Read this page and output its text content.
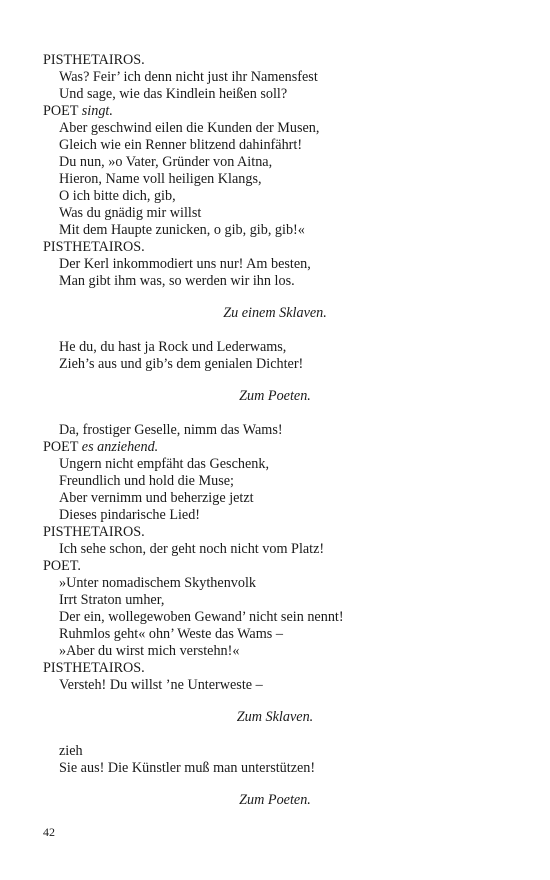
PISTHETAIROS.
Was? Feir’ ich denn nicht just ihr Namensfest
Und sage, wie das Kindlein heißen soll?
POET singt.
Aber geschwind eilen die Kunden der Musen,
Gleich wie ein Renner blitzend dahinfährt!
Du nun, »o Vater, Gründer von Aitna,
Hieron, Name voll heiligen Klangs,
O ich bitte dich, gib,
Was du gnädig mir willst
Mit dem Haupte zunicken, o gib, gib, gib!«
PISTHETAIROS.
Der Kerl inkommodiert uns nur! Am besten,
Man gibt ihm was, so werden wir ihn los.
Zu einem Sklaven.
He du, du hast ja Rock und Lederwams,
Zieh’s aus und gib’s dem genialen Dichter!
Zum Poeten.
Da, frostiger Geselle, nimm das Wams!
POET es anziehend.
Ungern nicht empfäht das Geschenk,
Freundlich und hold die Muse;
Aber vernimm und beherzige jetzt
Dieses pindarische Lied!
PISTHETAIROS.
Ich sehe schon, der geht noch nicht vom Platz!
POET.
»Unter nomadischem Skythenvolk
Irrt Straton umher,
Der ein, wollegewoben Gewand’ nicht sein nennt!
Ruhmlos geht« ohn’ Weste das Wams –
»Aber du wirst mich verstehn!«
PISTHETAIROS.
Versteh! Du willst ’ne Unterweste –
Zum Sklaven.
zieh
Sie aus! Die Künstler muß man unterstützen!
Zum Poeten.
42
